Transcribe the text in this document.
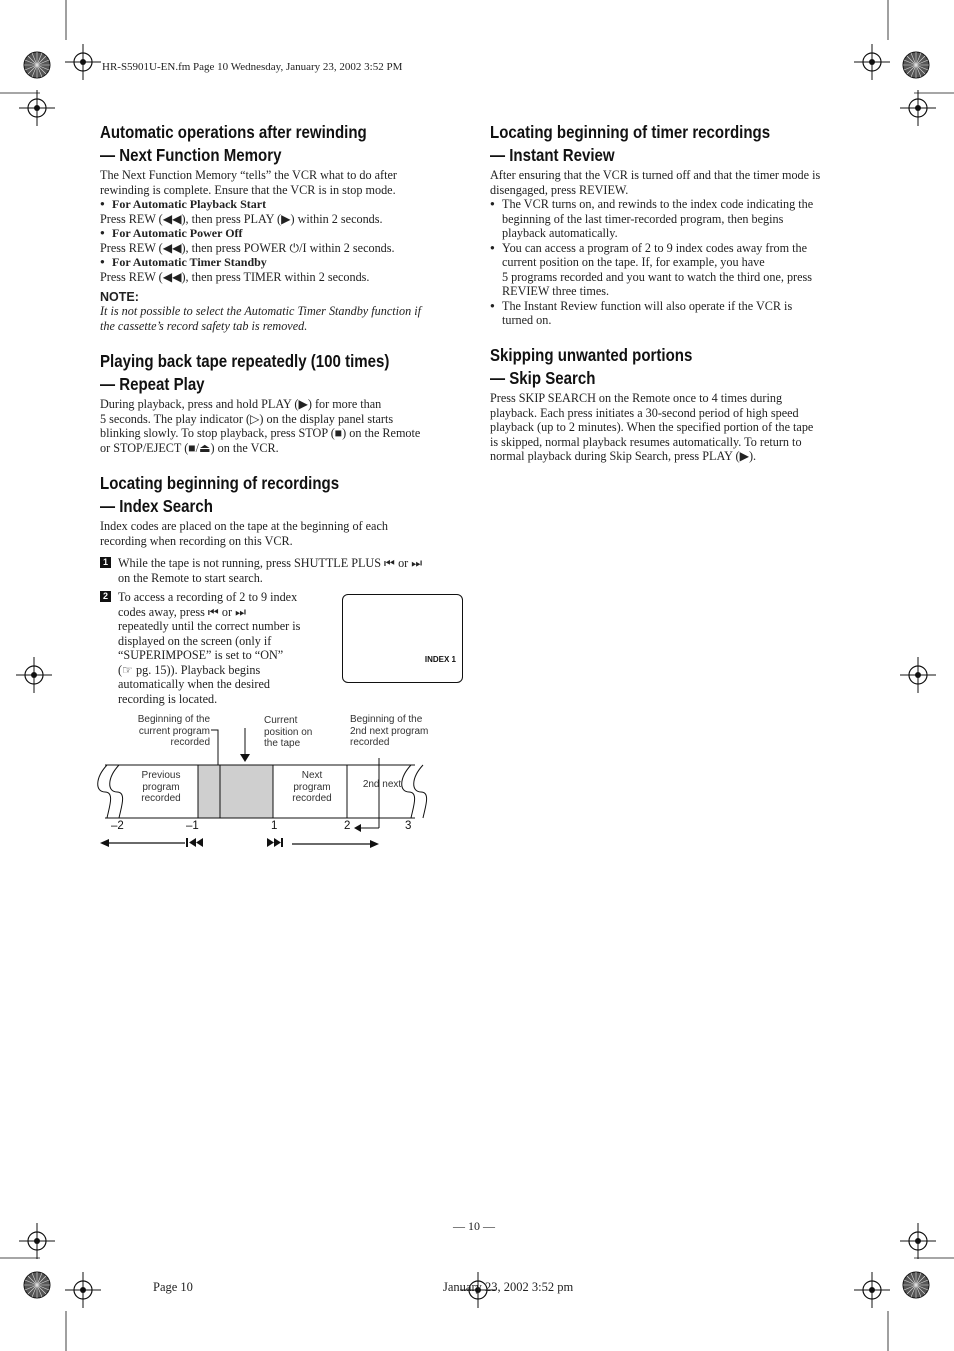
HR-S5901U-EN.fm Page 10 Wednesday, January 23, 2002 3:52 PM
Automatic operations after rewinding
— Next Function Memory
The Next Function Memory “tells” the VCR what to do after
rewinding is complete. Ensure that the VCR is in stop mode.
● For Automatic Playback Start
Press REW (◀◀), then press PLAY (▶) within 2 seconds.
● For Automatic Power Off
Press REW (◀◀), then press POWER ⏻/I within 2 seconds.
● For Automatic Timer Standby
Press REW (◀◀), then press TIMER within 2 seconds.
NOTE:
It is not possible to select the Automatic Timer Standby function if
the cassette’s record safety tab is removed.
Playing back tape repeatedly (100 times)
— Repeat Play
During playback, press and hold PLAY (▶) for more than
5 seconds. The play indicator (▷) on the display panel starts
blinking slowly. To stop playback, press STOP (■) on the Remote
or STOP/EJECT (■/⏏) on the VCR.
Locating beginning of recordings
— Index Search
Index codes are placed on the tape at the beginning of each
recording when recording on this VCR.
1 While the tape is not running, press SHUTTLE PLUS ⏮ or ⏭
on the Remote to start search.
2 To access a recording of 2 to 9 index
codes away, press ⏮ or ⏭
repeatedly until the correct number is
displayed on the screen (only if
“SUPERIMPOSE” is set to “ON”
(☞ pg. 15)). Playback begins
automatically when the desired
recording is located.
INDEX 1
Beginning of the
current program
recorded
Current
position on
the tape
Beginning of the
2nd next program
recorded
Previous
program
recorded
Next
program
recorded
2nd next
–2	–1	1	2	3
Locating beginning of timer recordings
— Instant Review
After ensuring that the VCR is turned off and that the timer mode is
disengaged, press REVIEW.
● The VCR turns on, and rewinds to the index code indicating the
beginning of the last timer-recorded program, then begins
playback automatically.
● You can access a program of 2 to 9 index codes away from the
current position on the tape. If, for example, you have
5 programs recorded and you want to watch the third one, press
REVIEW three times.
● The Instant Review function will also operate if the VCR is
turned on.
Skipping unwanted portions
— Skip Search
Press SKIP SEARCH on the Remote once to 4 times during
playback. Each press initiates a 30-second period of high speed
playback (up to 2 minutes). When the specified portion of the tape
is skipped, normal playback resumes automatically. To return to
normal playback during Skip Search, press PLAY (▶).
— 10 —
Page 10	January 23, 2002 3:52 pm
